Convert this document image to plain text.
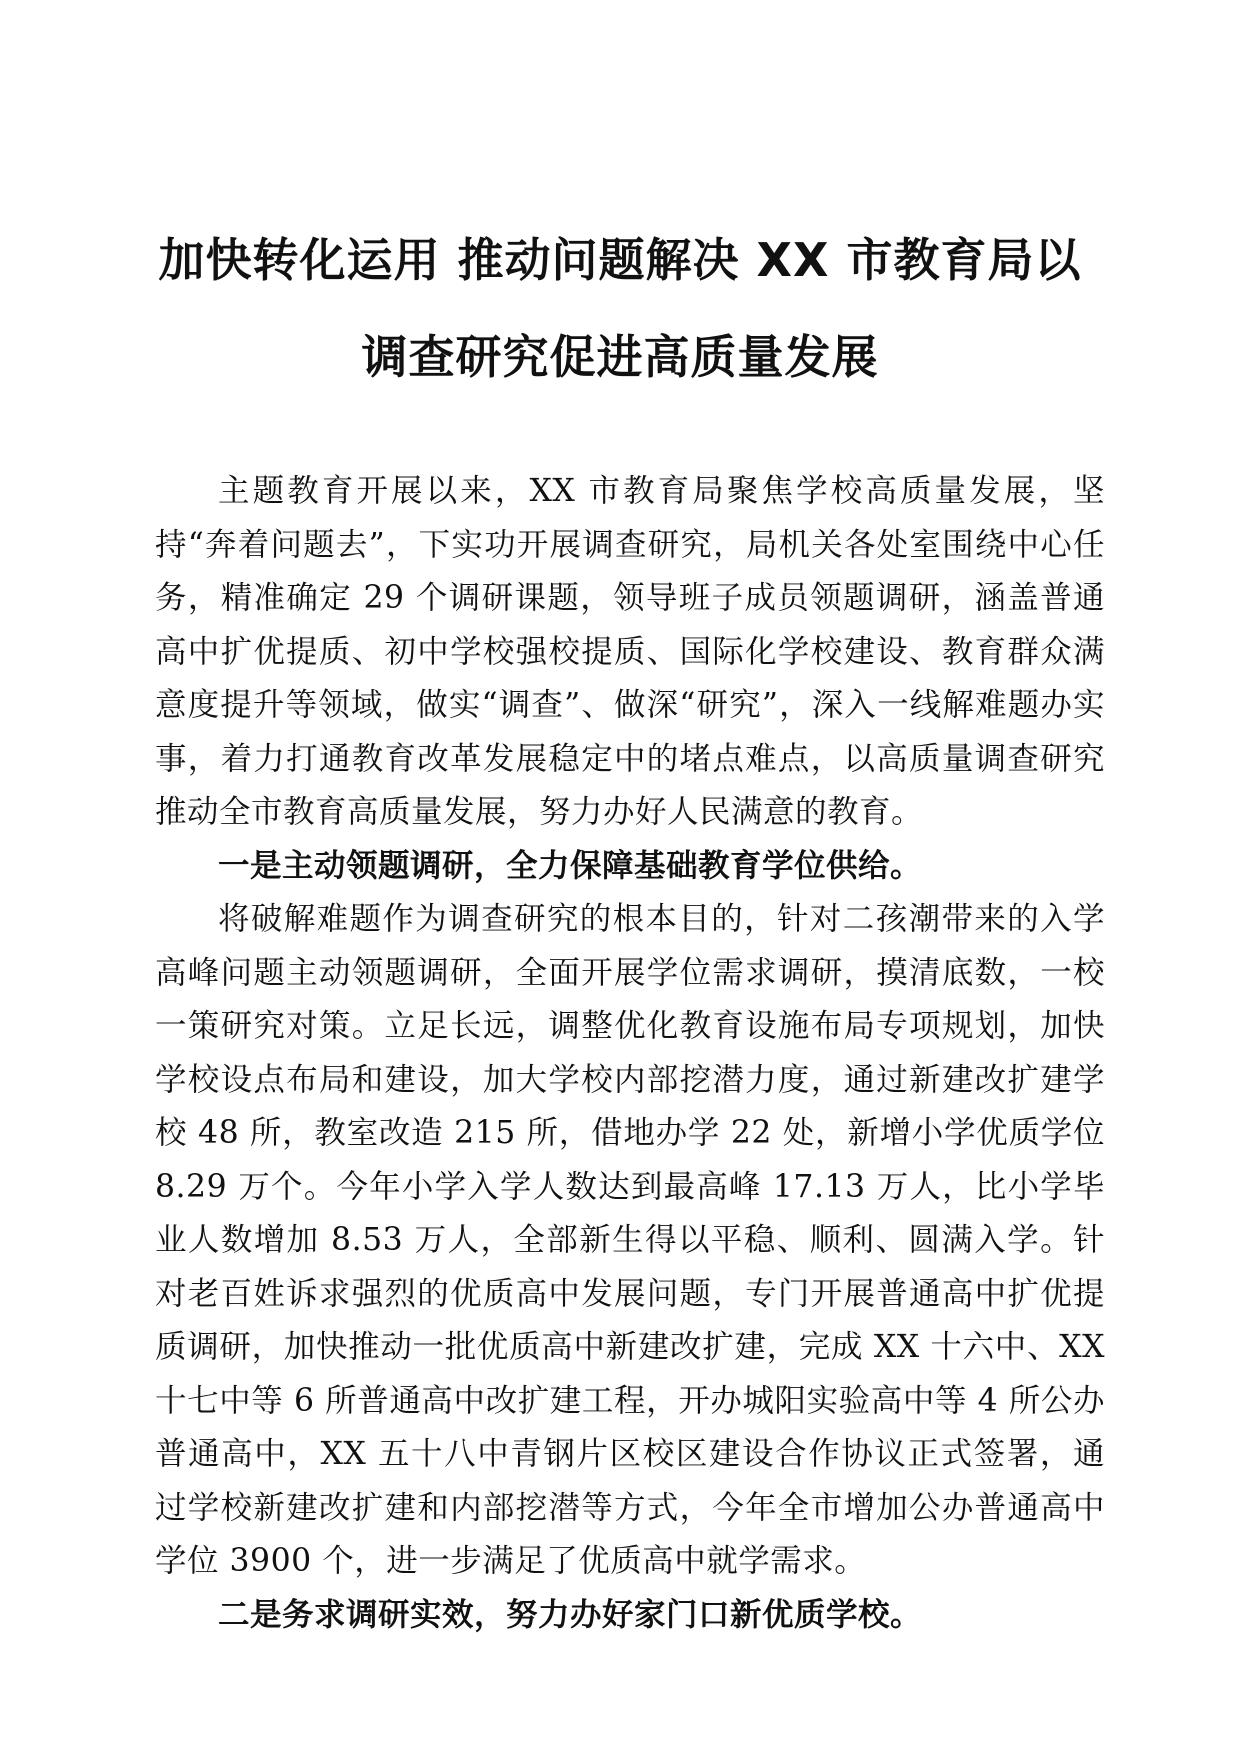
加快转化运用 推动问题解决 XX 市教育局以
调查研究促进高质量发展

主题教育开展以来，XX 市教育局聚焦学校高质量发展，坚持“奔着问题去”，下实功开展调查研究，局机关各处室围绕中心任务，精准确定 29 个调研课题，领导班子成员领题调研，涵盖普通高中扩优提质、初中学校强校提质、国际化学校建设、教育群众满意度提升等领域，做实“调查”、做深“研究”，深入一线解难题办实事，着力打通教育改革发展稳定中的堵点难点，以高质量调查研究推动全市教育高质量发展，努力办好人民满意的教育。

一是主动领题调研，全力保障基础教育学位供给。

将破解难题作为调查研究的根本目的，针对二孩潮带来的入学高峰问题主动领题调研，全面开展学位需求调研，摸清底数，一校一策研究对策。立足长远，调整优化教育设施布局专项规划，加快学校设点布局和建设，加大学校内部挖潜力度，通过新建改扩建学校 48 所，教室改造 215 所，借地办学 22 处，新增小学优质学位 8.29 万个。今年小学入学人数达到最高峰 17.13 万人，比小学毕业人数增加 8.53 万人，全部新生得以平稳、顺利、圆满入学。针对老百姓诉求强烈的优质高中发展问题，专门开展普通高中扩优提质调研，加快推动一批优质高中新建改扩建，完成 XX 十六中、XX 十七中等 6 所普通高中改扩建工程，开办城阳实验高中等 4 所公办普通高中，XX 五十八中青钢片区校区建设合作协议正式签署，通过学校新建改扩建和内部挖潜等方式，今年全市增加公办普通高中学位 3900 个，进一步满足了优质高中就学需求。

二是务求调研实效，努力办好家门口新优质学校。
